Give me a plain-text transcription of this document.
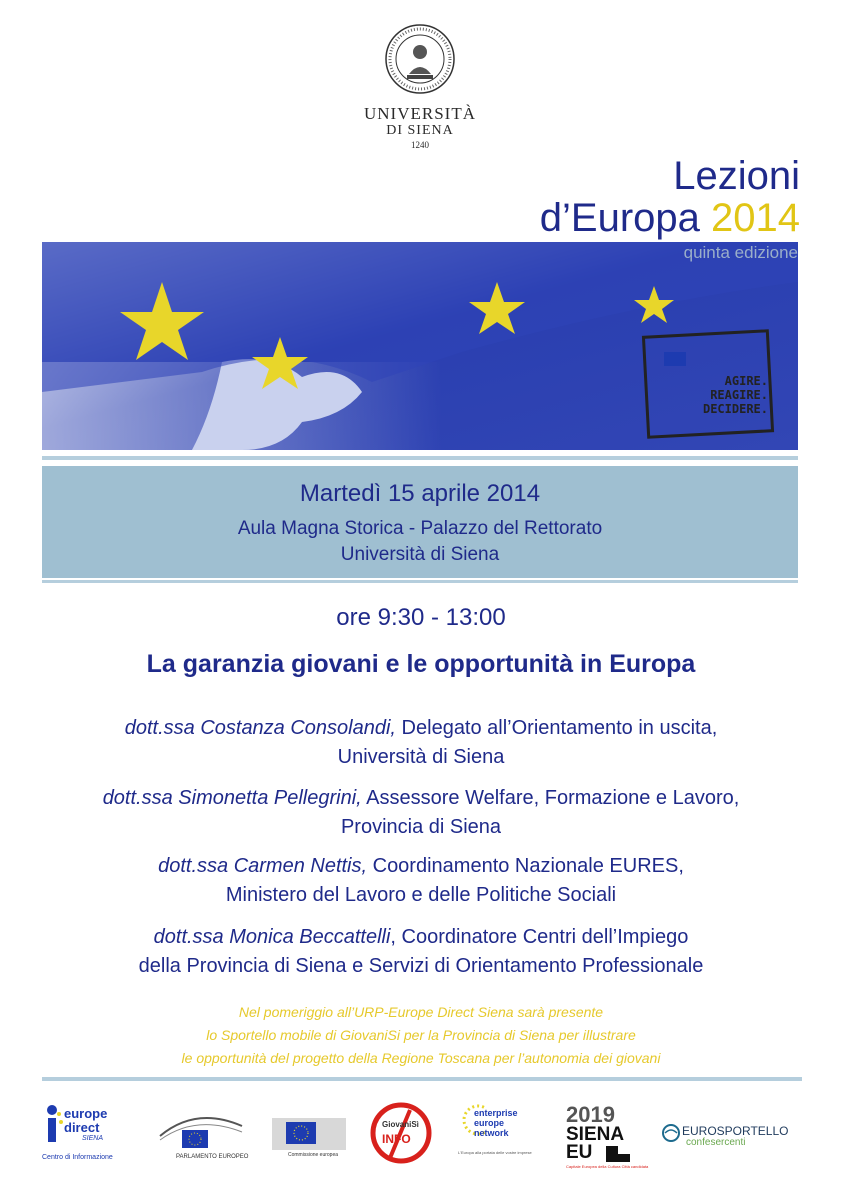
UNIVERSITÀ
DI SIENA
1240
Lezioni
d’Europa 2014
AGIRE.
REAGIRE.
DECIDERE.
quinta edizione
Martedì 15 aprile 2014
Aula Magna Storica - Palazzo del Rettorato
Università di Siena
ore 9:30 - 13:00
La garanzia giovani e le opportunità in Europa
dott.ssa Costanza Consolandi, Delegato all’Orientamento in uscita,
Università di Siena
dott.ssa Simonetta Pellegrini, Assessore Welfare, Formazione e Lavoro,
Provincia di Siena
dott.ssa Carmen Nettis, Coordinamento Nazionale EURES,
Ministero del Lavoro e delle Politiche Sociali
dott.ssa Monica Beccattelli, Coordinatore Centri dell’Impiego
della Provincia di Siena e Servizi di Orientamento Professionale
Nel pomeriggio all’URP-Europe Direct Siena sarà presente
lo Sportello mobile di GiovaniSi per la Provincia di Siena per illustrare
le opportunità del progetto della Regione Toscana per l’autonomia dei giovani
europe
direct
SIENA
Centro di Informazione	PARLAMENTO EUROPEO	Commissione europea
GiovaniSì
INFO
enterprise
europe
network
L'Europa alla portata delle vostre imprese
2019
SIENA
EU
Capitale Europea della Cultura Città candidata
EUROSPORTELLO
confesercenti
